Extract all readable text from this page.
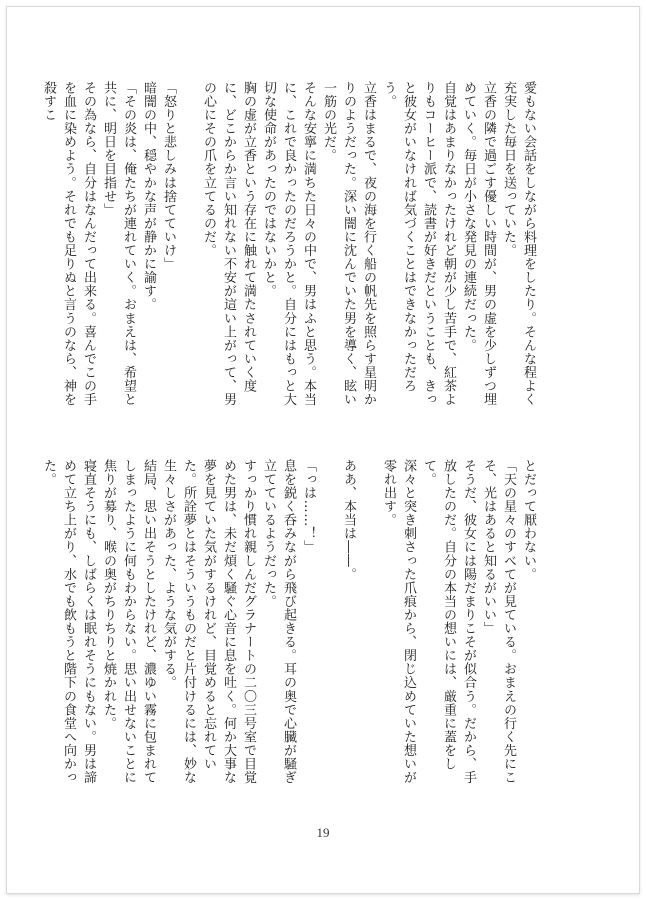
愛もない会話をしながら料理をしたり。そんな程よく充実した毎日を送っていた。
立香の隣で過ごす優しい時間が、男の虚を少しずつ埋めていく。毎日が小さな発見の連続だった。
自覚はあまりなかったけれど朝が少し苦手で、紅茶よりもコーヒー派で、読書が好きだということも、きっと彼女がいなければ気づくことはできなかっただろう。
立香はまるで、夜の海を行く船の帆先を照らす星明かりのようだった。深い闇に沈んでいた男を導く、眩い一筋の光だ。
そんな安寧に満ちた日々の中で、男はふと思う。本当に、これで良かったのだろうかと。自分にはもっと大切な使命があったのではないかと。
胸の虚が立香という存在に触れて満たされていく度に、どこからか言い知れない不安が這い上がって、男の心にその爪を立てるのだ。

「怒りと悲しみは捨てていけ」
暗闇の中、穏やかな声が静かに諭す。
「その炎は、俺たちが連れていく。おまえは、希望と共に、明日を目指せ」
その為なら、自分はなんだって出来る。喜んでこの手を血に染めよう。それでも足りぬと言うのなら、神を殺すこ
とだって厭わない。
「天の星々のすべてが見ている。おまえの行く先にこそ、光はあると知るがいい」
そうだ、彼女には陽だまりこそが似合う。だから、手放したのだ。自分の本当の想いには、厳重に蓋をして。
深々と突き刺さった爪痕から、閉じ込めていた想いが零れ出す。

ああ、本当は――。

「っは……！」
息を鋭く呑みながら飛び起きる。耳の奥で心臓が騒ぎ立てているようだった。
すっかり慣れ親しんだグラナートの二〇三号室で目覚めた男は、未だ煩く騒ぐ心音に息を吐く。何か大事な夢を見ていた気がするけれど、目覚めると忘れていた。所詮夢とはそういうものだと片付けるには、妙な生々しさがあった、ような気がする。
結局、思い出そうとしたけれど、濃ゆい霧に包まれてしまったように何もわからない。思い出せないことに焦りが募り、喉の奥がちりちりと焼かれた。
寝直そうにも、しばらくは眠れそうにもない。男は諦めて立ち上がり、水でも飲もうと階下の食堂へ向かった。
19
